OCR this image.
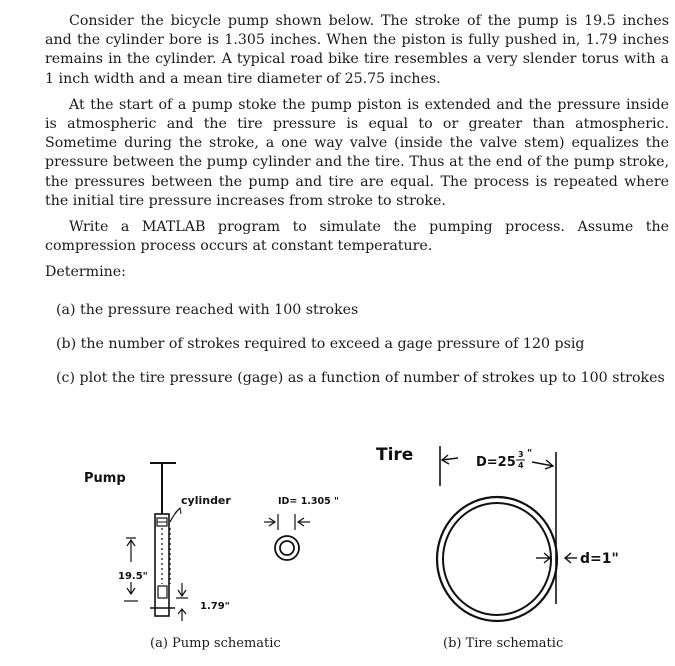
Consider the bicycle pump shown below. The stroke of the pump is 19.5 inches and the cylinder bore is 1.305 inches. When the piston is fully pushed in, 1.79 inches remains in the cylinder. A typical road bike tire resembles a very slender torus with a 1 inch width and a mean tire diameter of 25.75 inches.

At the start of a pump stoke the pump piston is extended and the pressure inside is atmospheric and the tire pressure is equal to or greater than atmospheric. Sometime during the stroke, a one way valve (inside the valve stem) equalizes the pressure between the pump cylinder and the tire. Thus at the end of the pump stroke, the pressures between the pump and tire are equal. The process is repeated where the initial tire pressure increases from stroke to stroke.

Write a MATLAB program to simulate the pumping process. Assume the compression process occurs at constant temperature.

Determine:

(a) the pressure reached with 100 strokes
(b) the number of strokes required to exceed a gage pressure of 120 psig
(c) plot the tire pressure (gage) as a function of number of strokes up to 100 strokes
Pump
cylinder
19.5"
1.79"
ID= 1.305 "
Tire	D=25
3
4
"
d=1"
(a) Pump schematic	(b) Tire schematic
